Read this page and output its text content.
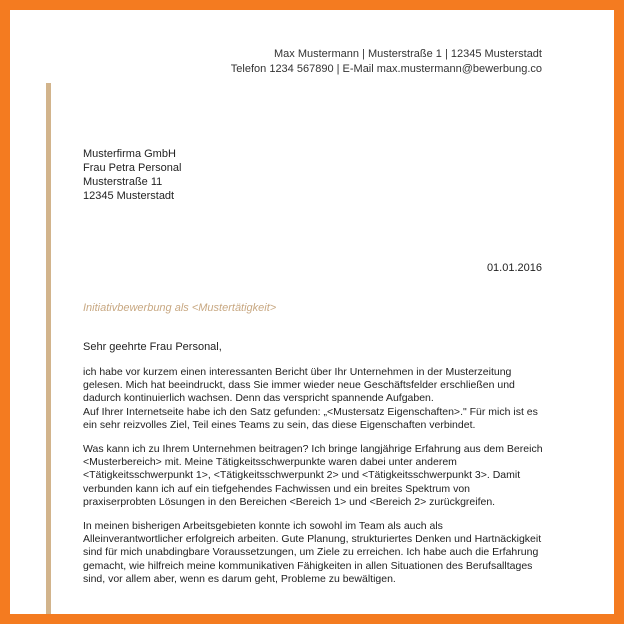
Max Mustermann | Musterstraße 1 | 12345 Musterstadt
Telefon 1234 567890 | E-Mail max.mustermann@bewerbung.co
Musterfirma GmbH
Frau Petra Personal
Musterstraße 11
12345 Musterstadt
01.01.2016
Initiativbewerbung als <Mustertätigkeit>
Sehr geehrte Frau Personal,

ich habe vor kurzem einen interessanten Bericht über Ihr Unternehmen in der Musterzeitung gelesen. Mich hat beeindruckt, dass Sie immer wieder neue Geschäftsfelder erschließen und dadurch kontinuierlich wachsen. Denn das verspricht spannende Aufgaben.

Auf Ihrer Internetseite habe ich den Satz gefunden: „<Mustersatz Eigenschaften>." Für mich ist es ein sehr reizvolles Ziel, Teil eines Teams zu sein, das diese Eigenschaften verbindet.

Was kann ich zu Ihrem Unternehmen beitragen? Ich bringe langjährige Erfahrung aus dem Bereich <Musterbereich> mit. Meine Tätigkeitsschwerpunkte waren dabei unter anderem <Tätigkeitsschwerpunkt 1>, <Tätigkeitsschwerpunkt 2> und <Tätigkeitsschwerpunkt 3>. Damit verbunden kann ich auf ein tiefgehendes Fachwissen und ein breites Spektrum von praxiserprobten Lösungen in den Bereichen <Bereich 1> und <Bereich 2> zurückgreifen.

In meinen bisherigen Arbeitsgebieten konnte ich sowohl im Team als auch als Alleinverantwortlicher erfolgreich arbeiten. Gute Planung, strukturiertes Denken und Hartnäckigkeit sind für mich unabdingbare Voraussetzungen, um Ziele zu erreichen. Ich habe auch die Erfahrung gemacht, wie hilfreich meine kommunikativen Fähigkeiten in allen Situationen des Berufsalltages sind, vor allem aber, wenn es darum geht, Probleme zu bewältigen.
